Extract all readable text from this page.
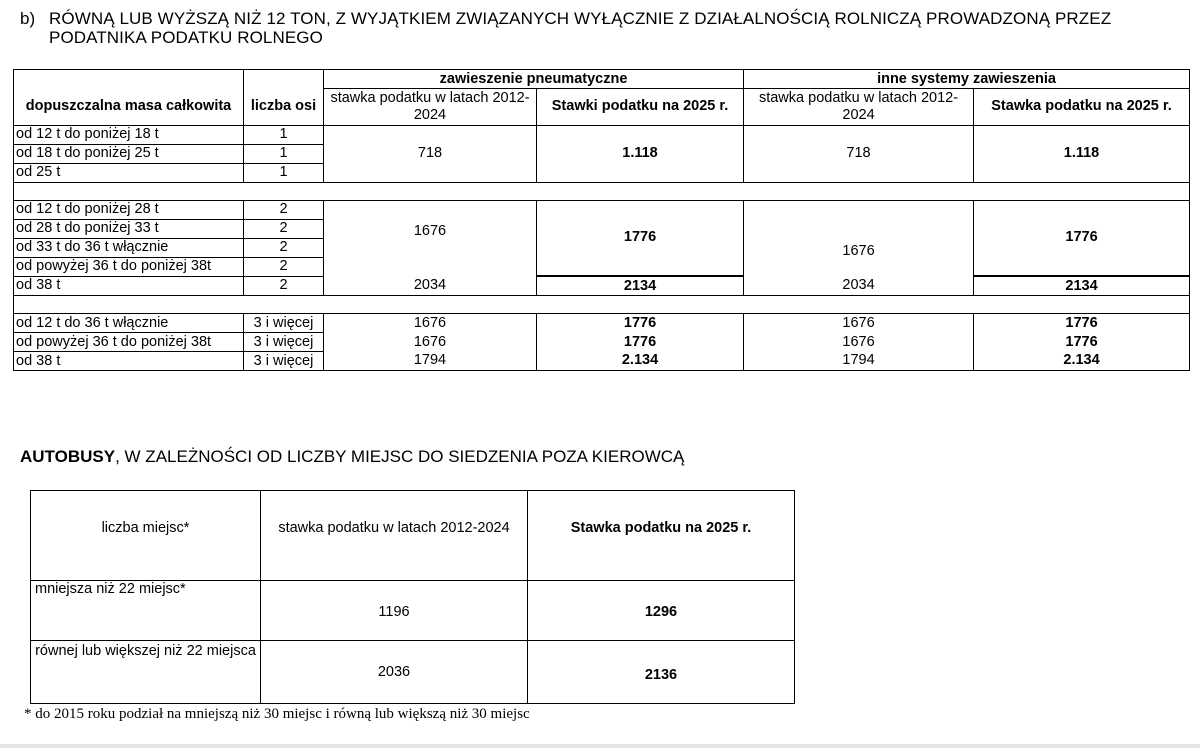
b) RÓWNĄ LUB WYŻSZĄ NIŻ 12 TON, Z WYJĄTKIEM ZWIĄZANYCH WYŁĄCZNIE Z DZIAŁALNOŚCIĄ ROLNICZĄ PROWADZONĄ PRZEZ PODATNIKA PODATKU ROLNEGO
		zawieszenie pneumatyczne		inne systemy zawieszenia	
dopuszczalna masa całkowita	liczba osi	stawka podatku w latach 2012-2024	Stawki podatku na 2025 r.	stawka podatku w latach 2012-2024	Stawka podatku na 2025 r.
od 12 t do poniżej 18 t	1	718	1.118	718	1.118
od 18 t do poniżej 25 t	1				
od 25 t	1				

od 12 t do poniżej 28 t	2	1676	1776	1676	1776
od 28 t do poniżej 33 t	2				
od 33 t do 36 t włącznie	2				
od powyżej 36 t do poniżej 38t	2				
od 38 t	2	2034	2134	2034	2134

od 12 t do 36 t włącznie	3 i więcej	1676	1776	1676	1776
od powyżej 36 t do poniżej 38t	3 i więcej	1676	1776	1676	1776
od 38 t	3 i więcej	1794	2.134	1794	2.134
AUTOBUSY, W ZALEŻNOŚCI OD LICZBY MIEJSC DO SIEDZENIA POZA KIEROWCĄ
liczba miejsc*	stawka podatku w latach 2012-2024	Stawka podatku na 2025 r.
mniejsza niż 22 miejsc*	1196	1296
równej lub większej niż 22 miejsca	2036	2136
* do 2015 roku podział na mniejszą niż 30 miejsc i równą lub większą niż 30 miejsc
